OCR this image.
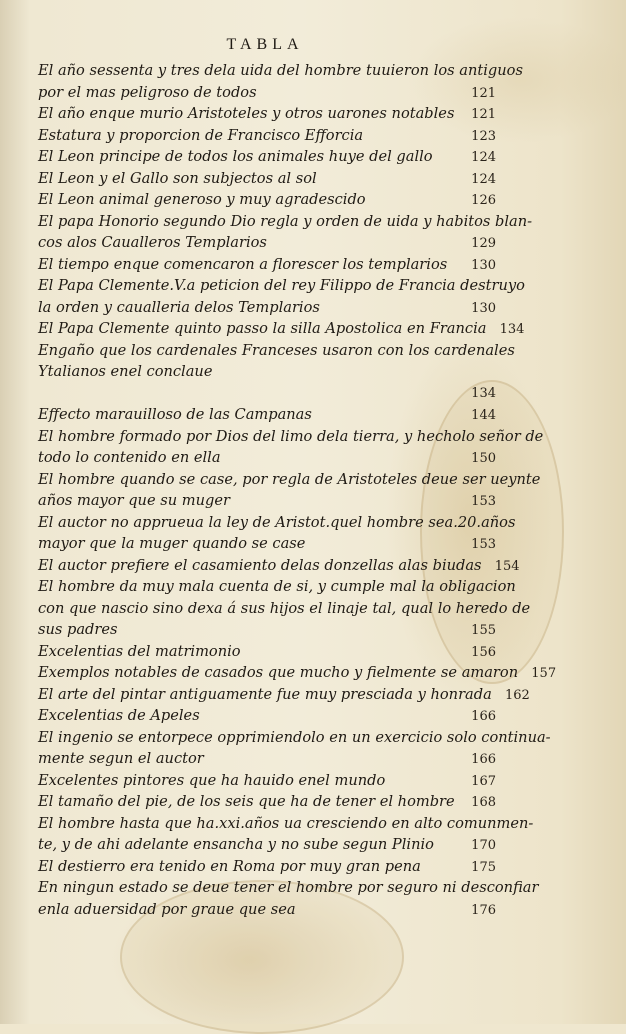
TABLA
El año sessenta y tres dela uida del hombre tuuieron los antiguos
por el mas peligroso de todos	121
El año enque murio Aristoteles y otros uarones notables	121
Estatura y proporcion de Francisco Efforcia	123
El Leon principe de todos los animales huye del gallo	124
El Leon y el Gallo son subjectos al sol	124
El Leon animal generoso y muy agradescido	126
El papa Honorio segundo Dio regla y orden de uida y habitos blan-
cos alos Caualleros Templarios	129
El tiempo enque comencaron a florescer los templarios	130
El Papa Clemente.V.a peticion del rey Filippo de Francia destruyo
la orden y caualleria delos Templarios	130
El Papa Clemente quinto passo la silla Apostolica en Francia	134
Engaño que los cardenales Franceses usaron con los cardenales
Ytalianos enel conclaue
134
Effecto marauilloso de las Campanas	144
El hombre formado por Dios del limo dela tierra, y hecholo señor de
todo lo contenido en ella	150
El hombre quando se case, por regla de Aristoteles deue ser ueynte
años mayor que su muger	153
El auctor no apprueua la ley de Aristot.quel hombre sea.20.años
mayor que la muger quando se case	153
El auctor prefiere el casamiento delas donzellas alas biudas	154
El hombre da muy mala cuenta de si, y cumple mal la obligacion
con que nascio sino dexa á sus hijos el linaje tal, qual lo heredo de
sus padres	155
Excelentias del matrimonio	156
Exemplos notables de casados que mucho y fielmente se amaron	157
El arte del pintar antiguamente fue muy presciada y honrada	162
Excelentias de Apeles	166
El ingenio se entorpece opprimiendolo en un exercicio solo continua-
mente segun el auctor	166
Excelentes pintores que ha hauido enel mundo	167
El tamaño del pie, de los seis que ha de tener el hombre	168
El hombre hasta que ha.xxi.años ua cresciendo en alto comunmen-
te, y de ahi adelante ensancha y no sube segun Plinio	170
El destierro era tenido en Roma por muy gran pena	175
En ningun estado se deue tener el hombre por seguro ni desconfiar
enla aduersidad por graue que sea	176
